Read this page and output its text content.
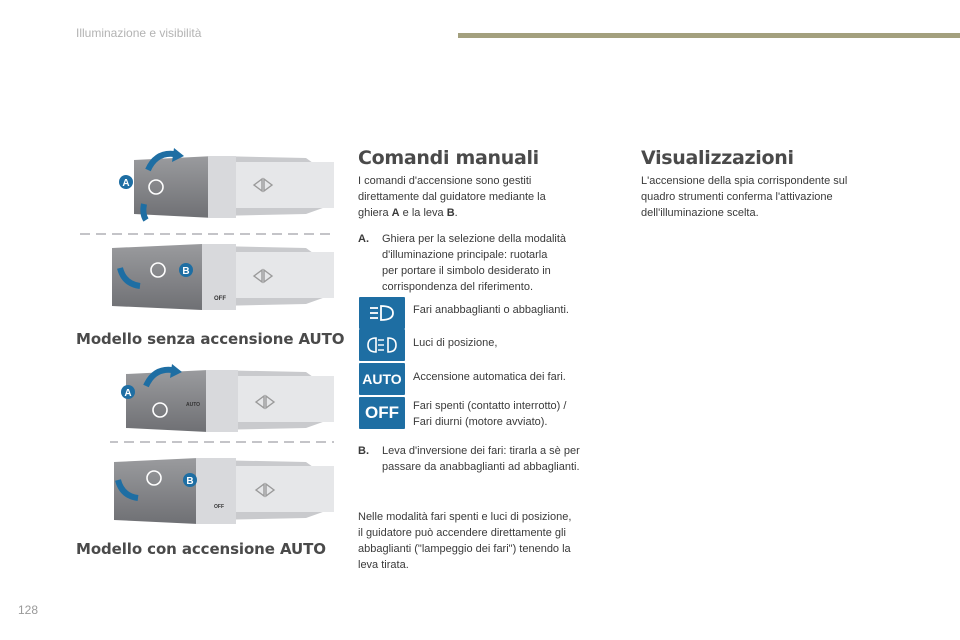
Illuminazione e visibilità
A
B
OFF
Modello senza accensione AUTO
A
AUTO
B
OFF
Modello con accensione AUTO
Comandi manuali
I comandi d'accensione sono gestiti
direttamente dal guidatore mediante la
ghiera A e la leva B.
A. Ghiera per la selezione della modalità
d'illuminazione principale: ruotarla
per portare il simbolo desiderato in
corrispondenza del riferimento.
Fari anabbaglianti o abbaglianti.
Luci di posizione,
AUTO Accensione automatica dei fari.
OFF	Fari spenti (contatto interrotto) /
Fari diurni (motore avviato).
B. Leva d'inversione dei fari: tirarla a sè per
passare da anabbaglianti ad abbaglianti.
Nelle modalità fari spenti e luci di posizione,
il guidatore può accendere direttamente gli
abbaglianti ("lampeggio dei fari") tenendo la
leva tirata.
Visualizzazioni
L'accensione della spia corrispondente sul
quadro strumenti conferma l'attivazione
dell'illuminazione scelta.
128
